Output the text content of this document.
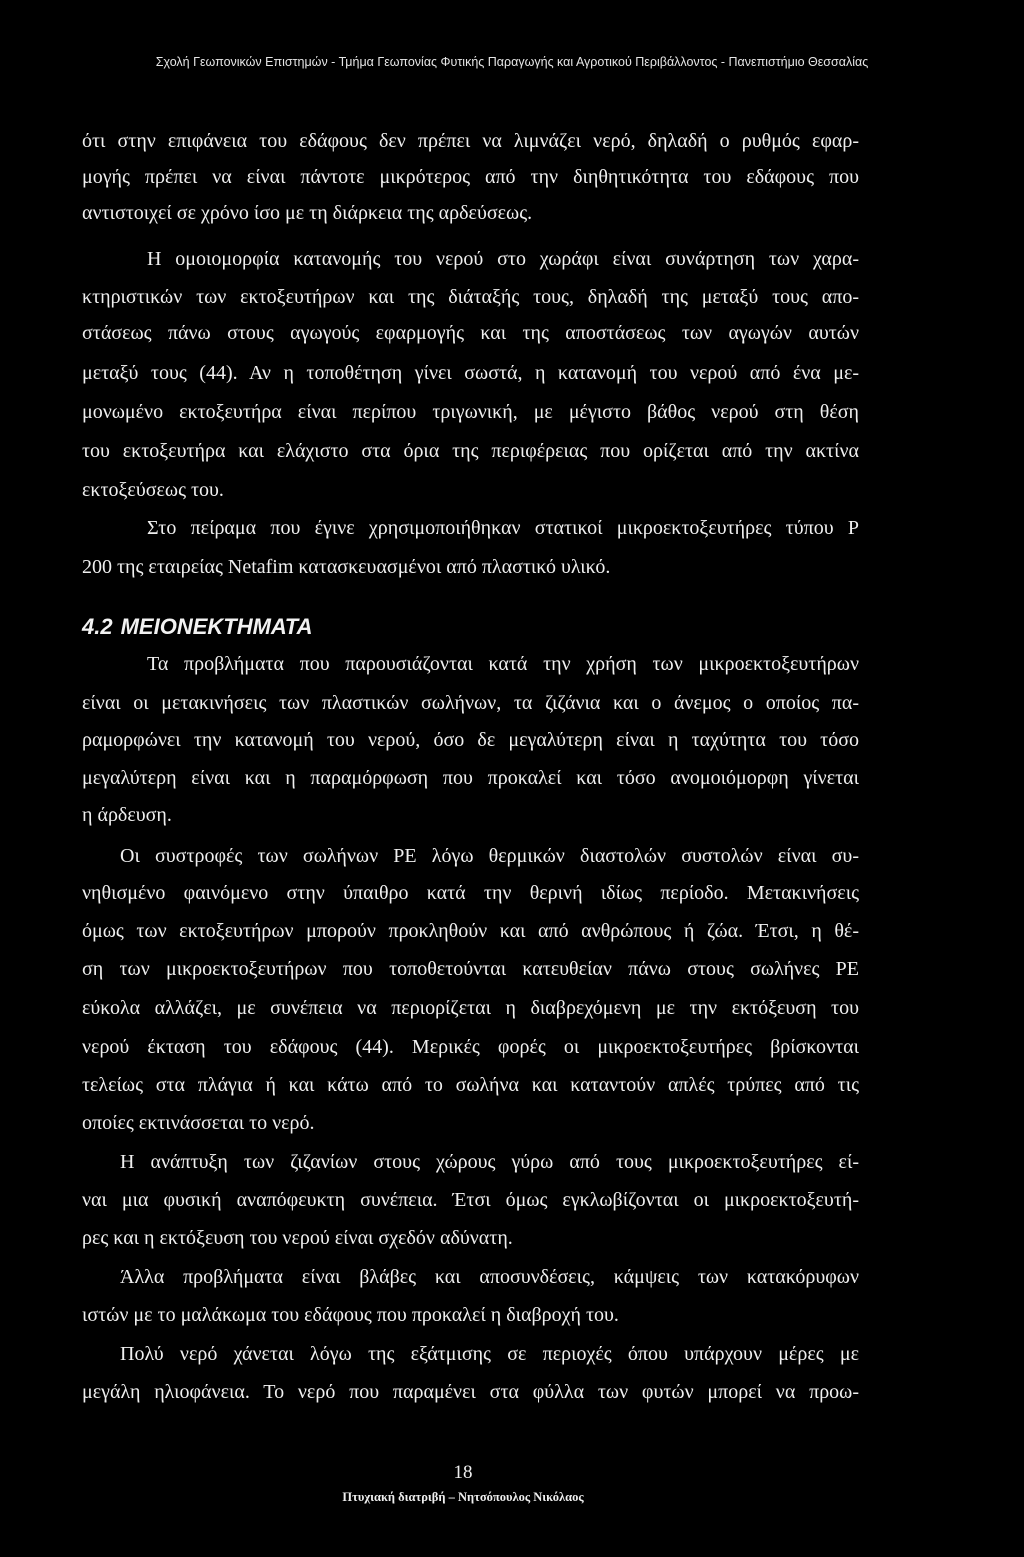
Σχολή Γεωπονικών Επιστημών - Τμήμα Γεωπονίας Φυτικής Παραγωγής και Αγροτικού Περιβάλλοντος - Πανεπιστήμιο Θεσσαλίας
ότι στην επιφάνεια του εδάφους δεν πρέπει να λιμνάζει νερό, δηλαδή ο ρυθμός εφαρ-
μογής πρέπει να είναι πάντοτε μικρότερος από την διηθητικότητα του εδάφους που
αντιστοιχεί σε χρόνο ίσο με τη διάρκεια της αρδεύσεως.
Η ομοιομορφία κατανομής του νερού στο χωράφι είναι συνάρτηση των χαρα-
κτηριστικών των εκτοξευτήρων και της διάταξής τους, δηλαδή της μεταξύ τους απο-
στάσεως πάνω στους αγωγούς εφαρμογής και της αποστάσεως των αγωγών αυτών
μεταξύ τους (44). Αν η τοποθέτηση γίνει σωστά, η κατανομή του νερού από ένα με-
μονωμένο εκτοξευτήρα είναι περίπου τριγωνική, με μέγιστο βάθος νερού στη θέση
του εκτοξευτήρα και ελάχιστο στα όρια της περιφέρειας που ορίζεται από την ακτίνα
εκτοξεύσεως του.
Στο πείραμα που έγινε χρησιμοποιήθηκαν στατικοί μικροεκτοξευτήρες τύπου P
200 της εταιρείας Netafim κατασκευασμένοι από πλαστικό υλικό.
4.2 ΜΕΙΟΝΕΚΤΗΜΑΤΑ
Τα προβλήματα που παρουσιάζονται κατά την χρήση των μικροεκτοξευτήρων
είναι οι μετακινήσεις των πλαστικών σωλήνων, τα ζιζάνια και ο άνεμος ο οποίος πα-
ραμορφώνει την κατανομή του νερού, όσο δε μεγαλύτερη είναι η ταχύτητα του τόσο
μεγαλύτερη είναι και η παραμόρφωση που προκαλεί και τόσο ανομοιόμορφη γίνεται
η άρδευση.
Οι συστροφές των σωλήνων PE λόγω θερμικών διαστολών συστολών είναι συ-
νηθισμένο φαινόμενο στην ύπαιθρο κατά την θερινή ιδίως περίοδο. Μετακινήσεις
όμως των εκτοξευτήρων μπορούν προκληθούν και από ανθρώπους ή ζώα. Έτσι, η θέ-
ση των μικροεκτοξευτήρων που τοποθετούνται κατευθείαν πάνω στους σωλήνες PE
εύκολα αλλάζει, με συνέπεια να περιορίζεται η διαβρεχόμενη με την εκτόξευση του
νερού έκταση του εδάφους (44). Μερικές φορές οι μικροεκτοξευτήρες βρίσκονται
τελείως στα πλάγια ή και κάτω από το σωλήνα και καταντούν απλές τρύπες από τις
οποίες εκτινάσσεται το νερό.
Η ανάπτυξη των ζιζανίων στους χώρους γύρω από τους μικροεκτοξευτήρες εί-
ναι μια φυσική αναπόφευκτη συνέπεια. Έτσι όμως εγκλωβίζονται οι μικροεκτοξευτή-
ρες και η εκτόξευση του νερού είναι σχεδόν αδύνατη.
Άλλα προβλήματα είναι βλάβες και αποσυνδέσεις, κάμψεις των κατακόρυφων
ιστών με το μαλάκωμα του εδάφους που προκαλεί η διαβροχή του.
Πολύ νερό χάνεται λόγω της εξάτμισης σε περιοχές όπου υπάρχουν μέρες με
μεγάλη ηλιοφάνεια. Το νερό που παραμένει στα φύλλα των φυτών μπορεί να προω-
18
Πτυχιακή διατριβή – Νητσόπουλος Νικόλαος
